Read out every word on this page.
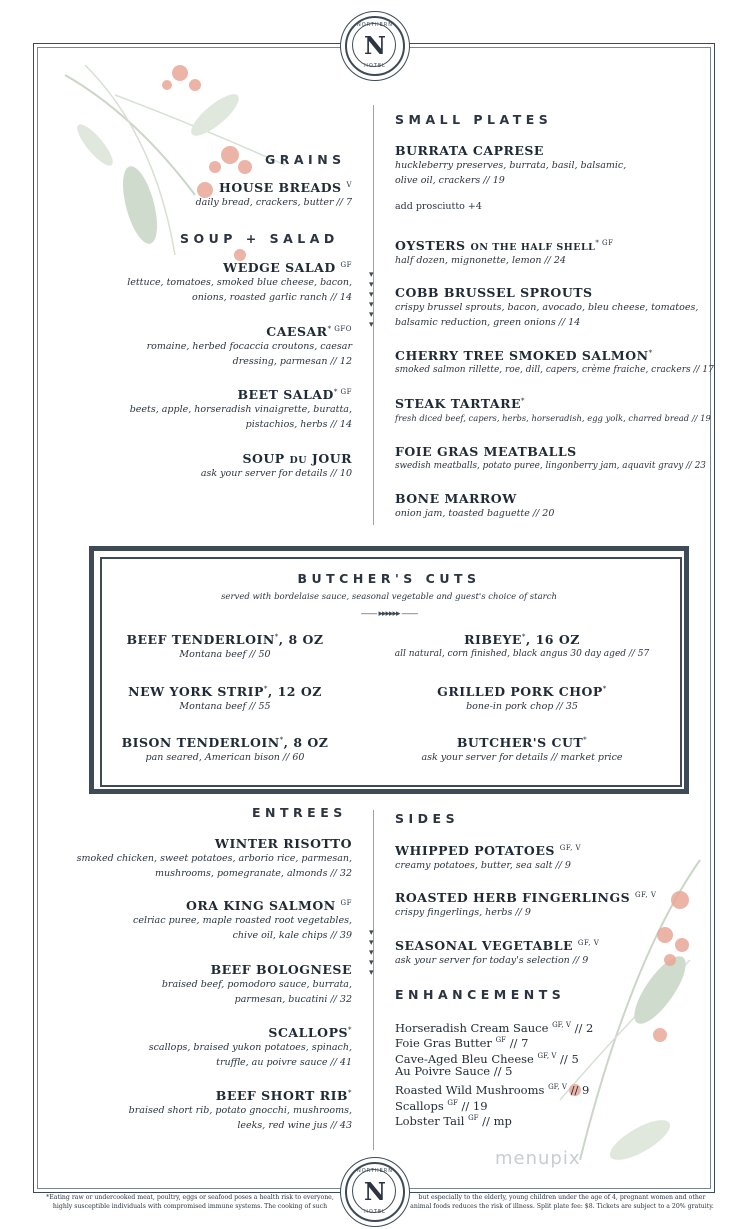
NORTHERN
N
HOTEL
NORTHERN
N
HOTEL
▾
▾
▾
▾
▾
▾
▾
▾
▾
▾
▾
GRAINS
HOUSE BREADS $^V$
daily bread, crackers, butter // 7
SOUP + SALAD
WEDGE SALAD $^{GF}$
lettuce, tomatoes, smoked blue cheese, bacon,
onions, roasted garlic ranch // 14
$CAESAR^{* GFO}$
romaine, herbed focaccia croutons, caesar
dressing, parmesan // 12
BEET $SALAD^{* GF}$
beets, apple, horseradish vinaigrette, buratta,
pistachios, herbs // 14
SOUP DU JOUR
ask your server for details // 10
SMALL PLATES
BURRATA CAPRESE
huckleberry preserves, burrata, basil, balsamic,
olive oil, crackers // 19
add prosciutto +4
OYSTERS ON THE HALF $SHELL^{* GF}$
half dozen, mignonette, lemon // 24
COBB BRUSSEL SPROUTS
crispy brussel sprouts, bacon, avocado, bleu cheese, tomatoes,
balsamic reduction, green onions // 14
CHERRY TREE SMOKED SALMON*
smoked salmon rillette, roe, dill, capers, crème fraiche, crackers // 17
STEAK TARTARE*
fresh diced beef, capers, herbs, horseradish, egg yolk, charred bread // 19
FOIE GRAS MEATBALLS
swedish meatballs, potato puree, lingonberry jam, aquavit gravy // 23
BONE MARROW
onion jam, toasted baguette // 20
BUTCHER'S CUTS
served with bordelaise sauce, seasonal vegetable and guest's choice of starch
—— ▸▸▸▸▸▸ ——
BEEF TENDERLOIN*, 8 OZ
Montana beef // 50
NEW YORK STRIP*, 12 OZ
Montana beef // 55
BISON TENDERLOIN*, 8 OZ
pan seared, American bison // 60
RIBEYE*, 16 OZ
all natural, corn finished, black angus 30 day aged // 57
GRILLED PORK CHOP*
bone-in pork chop // 35
BUTCHER'S CUT*
ask your server for details // market price
ENTREES
WINTER RISOTTO
smoked chicken, sweet potatoes, arborio rice, parmesan,
mushrooms, pomegranate, almonds // 32
ORA KING SALMON $^{GF}$
celriac puree, maple roasted root vegetables,
chive oil, kale chips // 39
BEEF BOLOGNESE
braised beef, pomodoro sauce, burrata,
parmesan, bucatini // 32
SCALLOPS*
scallops, braised yukon potatoes, spinach,
truffle, au poivre sauce // 41
BEEF SHORT RIB*
braised short rib, potato gnocchi, mushrooms,
leeks, red wine jus // 43
SIDES
WHIPPED POTATOES $^{GF, V}$
creamy potatoes, butter, sea salt // 9
ROASTED HERB FINGERLINGS $^{GF, V}$
crispy fingerlings, herbs // 9
SEASONAL VEGETABLE $^{GF, V}$
ask your server for today's selection // 9
ENHANCEMENTS
Horseradish Cream Sauce $^{GF, V}$ // 2
Foie Gras Butter $^{GF}$ // 7
Cave-Aged Bleu Cheese $^{GF, V}$ // 5
Au Poivre Sauce // 5
Roasted Wild Mushrooms $^{GF, V}$ // 9
Scallops $^{GF}$ // 19
Lobster Tail $^{GF}$ // mp
menupix
*Eating raw or undercooked meat, poultry, eggs or seafood poses a health risk to everyone,
highly susceptible individuals with compromised immune systems. The cooking of such
but especially to the elderly, young children under the age of 4, pregnant women and other
animal foods reduces the risk of illness. Split plate fee: $8. Tickets are subject to a 20% gratuity.
